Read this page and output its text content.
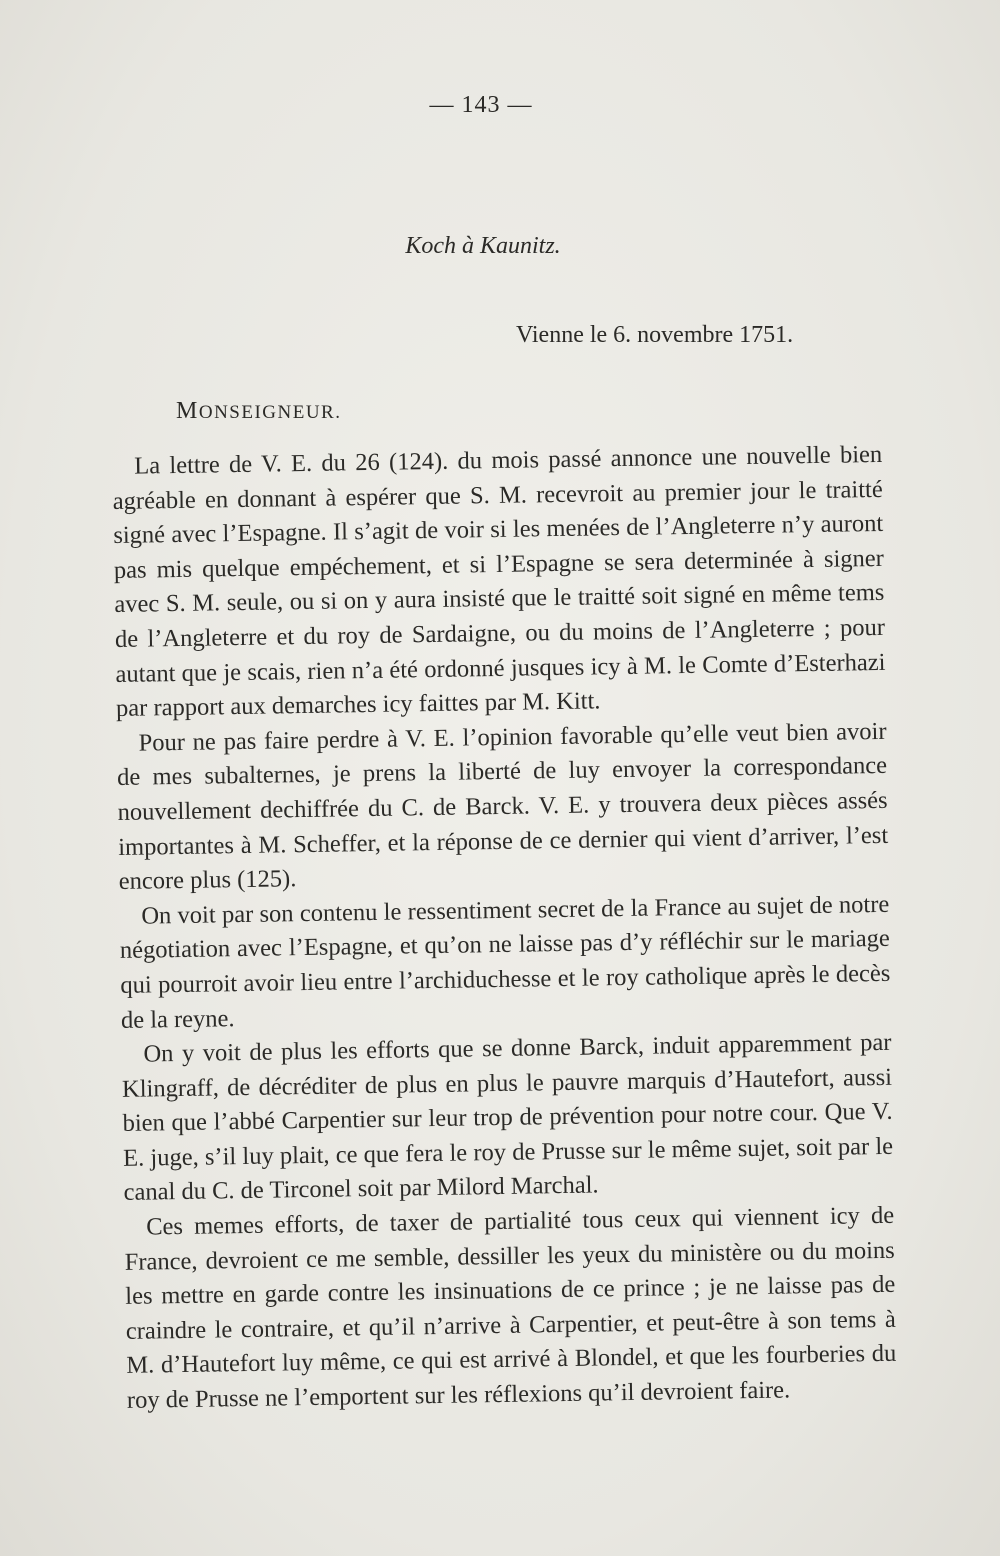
— 143 —
Koch à Kaunitz.
Vienne le 6. novembre 1751.
MONSEIGNEUR.

La lettre de V. E. du 26 (124). du mois passé annonce une nouvelle bien agréable en donnant à espérer que S. M. recevroit au premier jour le traitté signé avec l’Espagne. Il s’agit de voir si les menées de l’Angleterre n’y auront pas mis quelque empéchement, et si l’Espagne se sera determinée à signer avec S. M. seule, ou si on y aura insisté que le traitté soit signé en même tems de l’Angleterre et du roy de Sardaigne, ou du moins de l’Angleterre ; pour autant que je scais, rien n’a été ordonné jusques icy à M. le Comte d’Esterhazi par rapport aux demarches icy faittes par M. Kitt.

Pour ne pas faire perdre à V. E. l’opinion favorable qu’elle veut bien avoir de mes subalternes, je prens la liberté de luy envoyer la correspondance nouvellement dechiffrée du C. de Barck. V. E. y trouvera deux pièces assés importantes à M. Scheffer, et la réponse de ce dernier qui vient d’arriver, l’est encore plus (125).

On voit par son contenu le ressentiment secret de la France au sujet de notre négotiation avec l’Espagne, et qu’on ne laisse pas d’y réfléchir sur le mariage qui pourroit avoir lieu entre l’archiduchesse et le roy catholique après le decès de la reyne.

On y voit de plus les efforts que se donne Barck, induit apparemment par Klingraff, de décréditer de plus en plus le pauvre marquis d’Hautefort, aussi bien que l’abbé Carpentier sur leur trop de prévention pour notre cour. Que V. E. juge, s’il luy plait, ce que fera le roy de Prusse sur le même sujet, soit par le canal du C. de Tirconel soit par Milord Marchal.

Ces memes efforts, de taxer de partialité tous ceux qui viennent icy de France, devroient ce me semble, dessiller les yeux du ministère ou du moins les mettre en garde contre les insinuations de ce prince ; je ne laisse pas de craindre le contraire, et qu’il n’arrive à Carpentier, et peut-être à son tems à M. d’Hautefort luy même, ce qui est arrivé à Blondel, et que les fourberies du roy de Prusse ne l’emportent sur les réflexions qu’il devroient faire.
